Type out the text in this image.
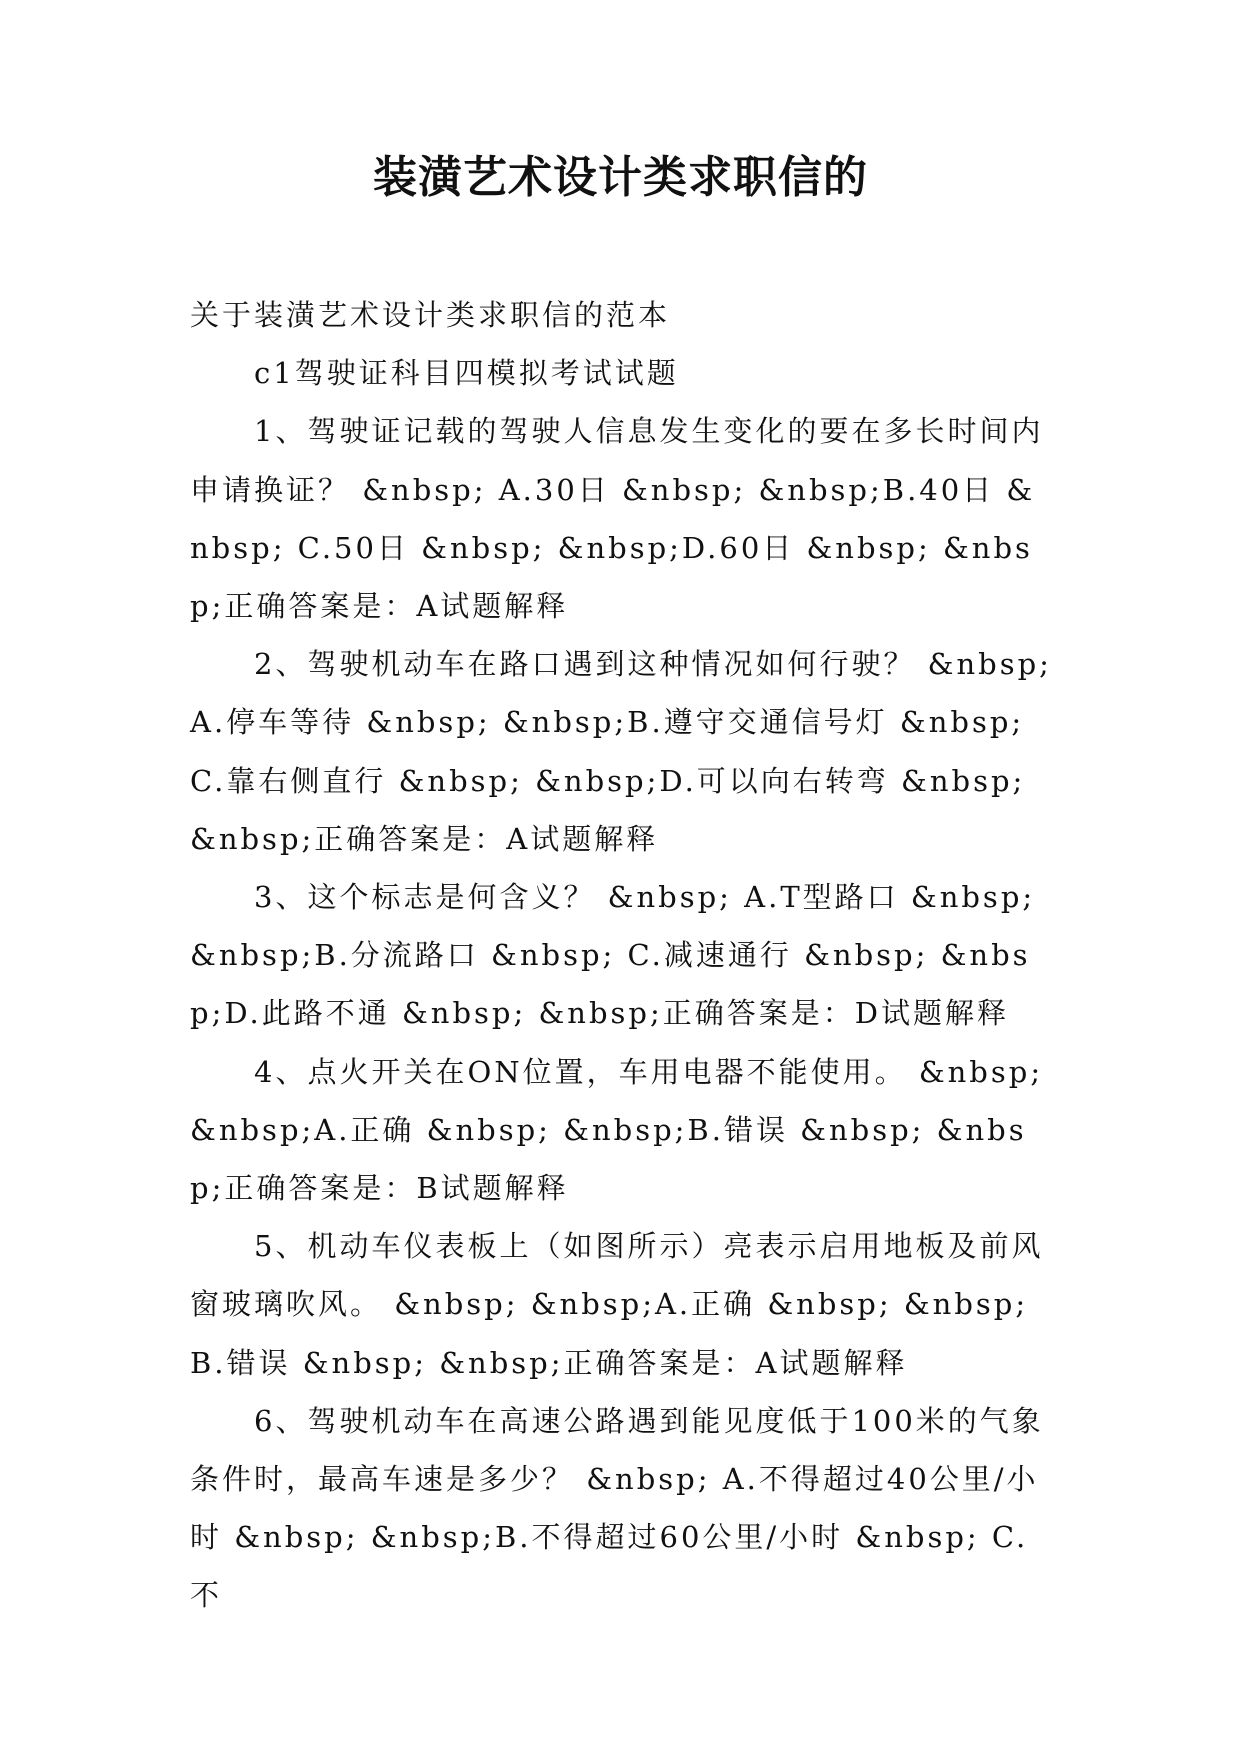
装潢艺术设计类求职信的

关于装潢艺术设计类求职信的范本

c1驾驶证科目四模拟考试试题

1、驾驶证记载的驾驶人信息发生变化的要在多长时间内申请换证？ &nbsp; A.30日 &nbsp; &nbsp;B.40日 &nbsp; C.50日 &nbsp; &nbsp;D.60日 &nbsp; &nbsp;正确答案是：A试题解释

2、驾驶机动车在路口遇到这种情况如何行驶？ &nbsp; A.停车等待 &nbsp; &nbsp;B.遵守交通信号灯 &nbsp; C.靠右侧直行 &nbsp; &nbsp;D.可以向右转弯 &nbsp; &nbsp;正确答案是：A试题解释

3、这个标志是何含义？ &nbsp; A.T型路口 &nbsp; &nbsp;B.分流路口 &nbsp; C.减速通行 &nbsp; &nbsp;D.此路不通 &nbsp; &nbsp;正确答案是：D试题解释

4、点火开关在ON位置，车用电器不能使用。 &nbsp; &nbsp;A.正确 &nbsp; &nbsp;B.错误 &nbsp; &nbsp;正确答案是：B试题解释

5、机动车仪表板上（如图所示）亮表示启用地板及前风窗玻璃吹风。 &nbsp; &nbsp;A.正确 &nbsp; &nbsp;B.错误 &nbsp; &nbsp;正确答案是：A试题解释

6、驾驶机动车在高速公路遇到能见度低于100米的气象条件时，最高车速是多少？ &nbsp; A.不得超过40公里/小时 &nbsp; &nbsp;B.不得超过60公里/小时 &nbsp; C.不
